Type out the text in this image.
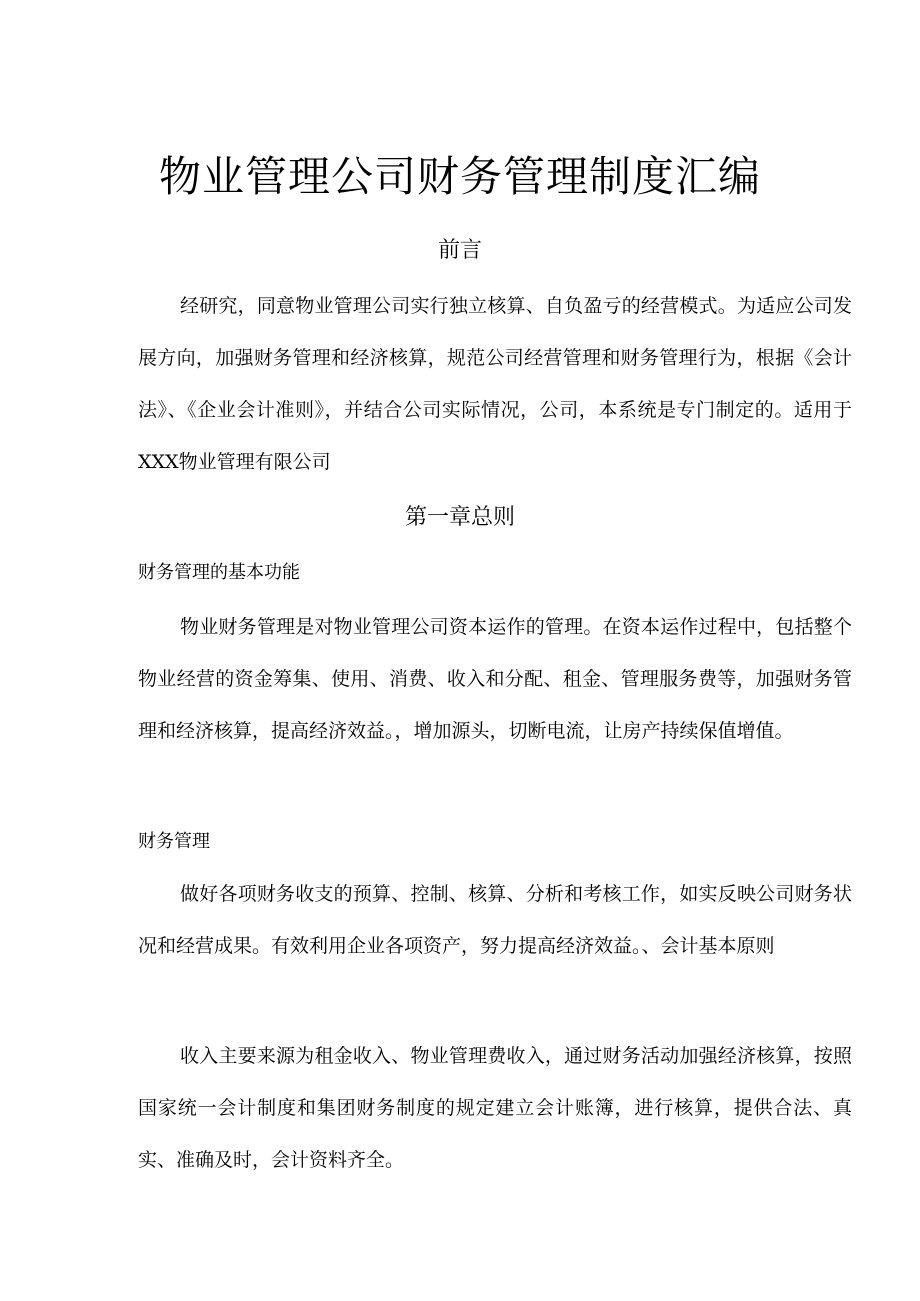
物业管理公司财务管理制度汇编
前言

经研究，同意物业管理公司实行独立核算、自负盈亏的经营模式。为适应公司发展方向，加强财务管理和经济核算，规范公司经营管理和财务管理行为，根据《会计法》、《企业会计准则》，并结合公司实际情况，公司，本系统是专门制定的。适用于XXX物业管理有限公司

第一章总则
财务管理的基本功能

物业财务管理是对物业管理公司资本运作的管理。在资本运作过程中，包括整个物业经营的资金筹集、使用、消费、收入和分配、租金、管理服务费等，加强财务管理和经济核算，提高经济效益。，增加源头，切断电流，让房产持续保值增值。

财务管理

做好各项财务收支的预算、控制、核算、分析和考核工作，如实反映公司财务状况和经营成果。有效利用企业各项资产，努力提高经济效益。、会计基本原则

收入主要来源为租金收入、物业管理费收入，通过财务活动加强经济核算，按照国家统一会计制度和集团财务制度的规定建立会计账簿，进行核算，提供合法、真实、准确及时，会计资料齐全。
